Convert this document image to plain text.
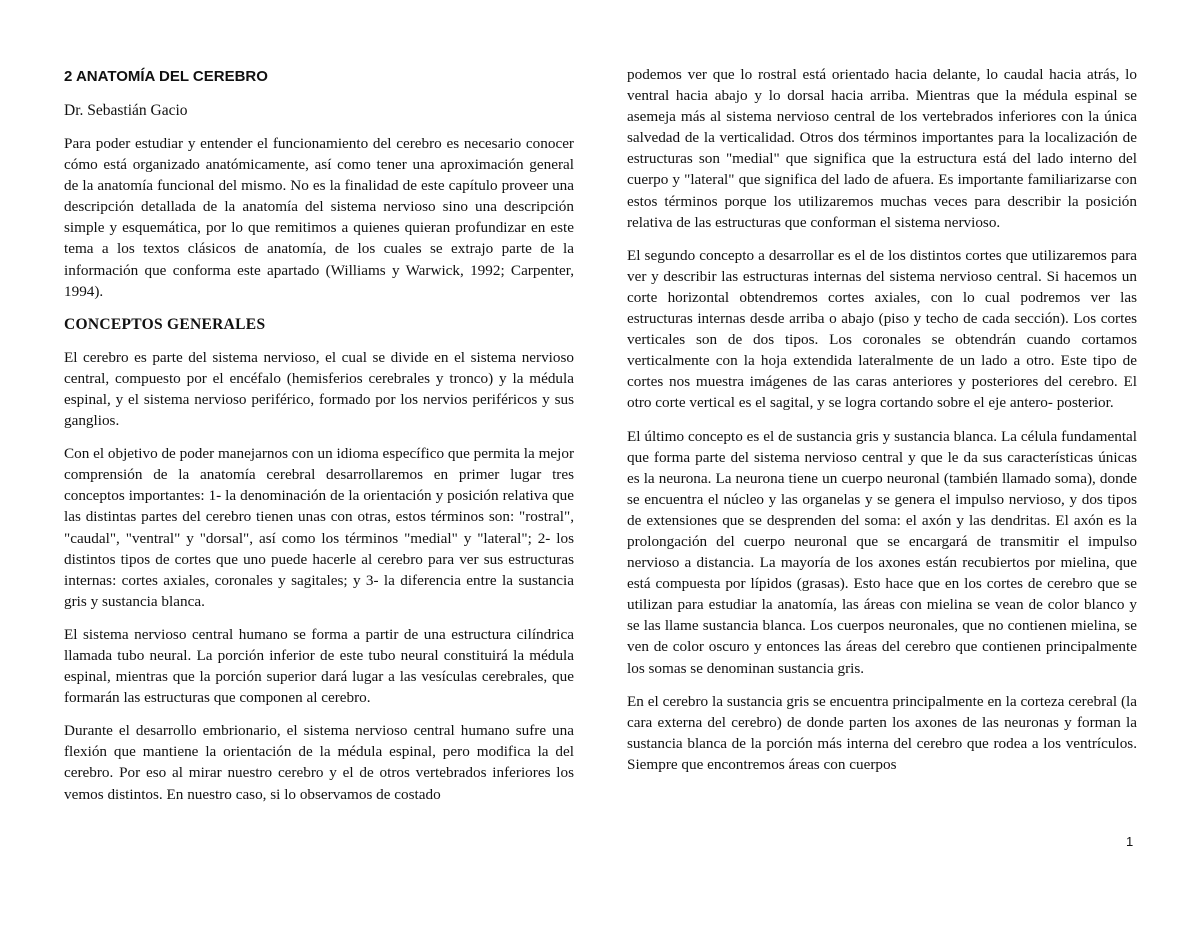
2 ANATOMÍA DEL CEREBRO
Dr. Sebastián Gacio

Para poder estudiar y entender el funcionamiento del cerebro es necesario conocer cómo está organizado anatómicamente, así como tener una aproximación general de la anatomía funcional del mismo. No es la finalidad de este capítulo proveer una descripción detallada de la anatomía del sistema nervioso sino una descripción simple y esquemática, por lo que remitimos a quienes quieran profundizar en este tema a los textos clásicos de anatomía, de los cuales se extrajo parte de la información que conforma este apartado (Williams y Warwick, 1992; Carpenter, 1994).

CONCEPTOS GENERALES

El cerebro es parte del sistema nervioso, el cual se divide en el sistema nervioso central, compuesto por el encéfalo (hemisferios cerebrales y tronco) y la médula espinal, y el sistema nervioso periférico, formado por los nervios periféricos y sus ganglios.

Con el objetivo de poder manejarnos con un idioma específico que permita la mejor comprensión de la anatomía cerebral desarrollaremos en primer lugar tres conceptos importantes: 1- la denominación de la orientación y posición relativa que las distintas partes del cerebro tienen unas con otras, estos términos son: "rostral", "caudal", "ventral" y "dorsal", así como los términos "medial" y "lateral"; 2- los distintos tipos de cortes que uno puede hacerle al cerebro para ver sus estructuras internas: cortes axiales, coronales y sagitales; y 3- la diferencia entre la sustancia gris y sustancia blanca.

El sistema nervioso central humano se forma a partir de una estructura cilíndrica llamada tubo neural. La porción inferior de este tubo neural constituirá la médula espinal, mientras que la porción superior dará lugar a las vesículas cerebrales, que formarán las estructuras que componen al cerebro.

Durante el desarrollo embrionario, el sistema nervioso central humano sufre una flexión que mantiene la orientación de la médula espinal, pero modifica la del cerebro. Por eso al mirar nuestro cerebro y el de otros vertebrados inferiores los vemos distintos. En nuestro caso, si lo observamos de costado

podemos ver que lo rostral está orientado hacia delante, lo caudal hacia atrás, lo ventral hacia abajo y lo dorsal hacia arriba. Mientras que la médula espinal se asemeja más al sistema nervioso central de los vertebrados inferiores con la única salvedad de la verticalidad. Otros dos términos importantes para la localización de estructuras son "medial" que significa que la estructura está del lado interno del cuerpo y "lateral" que significa del lado de afuera. Es importante familiarizarse con estos términos porque los utilizaremos muchas veces para describir la posición relativa de las estructuras que conforman el sistema nervioso.

El segundo concepto a desarrollar es el de los distintos cortes que utilizaremos para ver y describir las estructuras internas del sistema nervioso central. Si hacemos un corte horizontal obtendremos cortes axiales, con lo cual podremos ver las estructuras internas desde arriba o abajo (piso y techo de cada sección). Los cortes verticales son de dos tipos. Los coronales se obtendrán cuando cortamos verticalmente con la hoja extendida lateralmente de un lado a otro. Este tipo de cortes nos muestra imágenes de las caras anteriores y posteriores del cerebro. El otro corte vertical es el sagital, y se logra cortando sobre el eje antero- posterior.

El último concepto es el de sustancia gris y sustancia blanca. La célula fundamental que forma parte del sistema nervioso central y que le da sus características únicas es la neurona. La neurona tiene un cuerpo neuronal (también llamado soma), donde se encuentra el núcleo y las organelas y se genera el impulso nervioso, y dos tipos de extensiones que se desprenden del soma: el axón y las dendritas. El axón es la prolongación del cuerpo neuronal que se encargará de transmitir el impulso nervioso a distancia. La mayoría de los axones están recubiertos por mielina, que está compuesta por lípidos (grasas). Esto hace que en los cortes de cerebro que se utilizan para estudiar la anatomía, las áreas con mielina se vean de color blanco y se las llame sustancia blanca. Los cuerpos neuronales, que no contienen mielina, se ven de color oscuro y entonces las áreas del cerebro que contienen principalmente los somas se denominan sustancia gris.

En el cerebro la sustancia gris se encuentra principalmente en la corteza cerebral (la cara externa del cerebro) de donde parten los axones de las neuronas y forman la sustancia blanca de la porción más interna del cerebro que rodea a los ventrículos. Siempre que encontremos áreas con cuerpos

1
